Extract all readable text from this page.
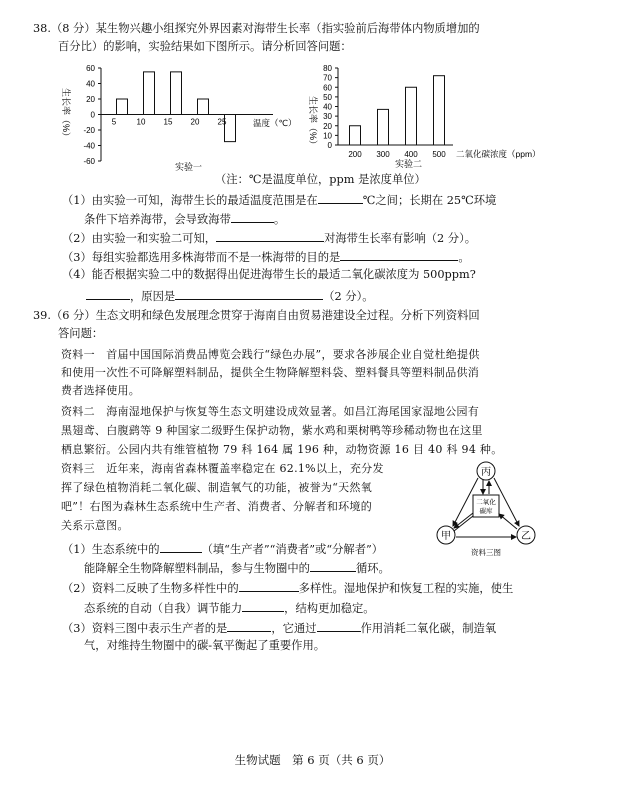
38.（8 分）某生物兴趣小组探究外界因素对海带生长率（指实验前后海带体内物质增加的
百分比）的影响，实验结果如下图所示。请分析回答问题：
生长率（%）
60
40
20
0
-20
-40
-60
5	10 15 20 25	温度（℃）
实验一
生长率（%）
80
70
60
50
40
30
20
10
0
200 300 400 500 二氧化碳浓度（ppm）
实验二
（注：℃是温度单位，ppm 是浓度单位）
（1）由实验一可知，海带生长的最适温度范围是在	℃之间；长期在 25℃环境
条件下培养海带，会导致海带	。
（2）由实验一和实验二可知，	对海带生长率有影响（2 分）。
（3）每组实验都选用多株海带而不是一株海带的目的是	。
（4）能否根据实验二中的数据得出促进海带生长的最适二氧化碳浓度为 500ppm?
，原因是	（2 分）。
39.（6 分）生态文明和绿色发展理念贯穿于海南自由贸易港建设全过程。分析下列资料回
答问题：
资料一　首届中国国际消费品博览会践行“绿色办展”，要求各涉展企业自觉杜绝提供
和使用一次性不可降解塑料制品，提供全生物降解塑料袋、塑料餐具等塑料制品供消
费者选择使用。
资料二　海南湿地保护与恢复等生态文明建设成效显著。如昌江海尾国家湿地公园有
黑翅鸢、白腹鹞等 9 种国家二级野生保护动物，紫水鸡和栗树鸭等珍稀动物也在这里
栖息繁衍。公园内共有维管植物 79 科 164 属 196 种，动物资源 16 目 40 科 94 种。
资料三　近年来，海南省森林覆盖率稳定在 62.1%以上，充分发
挥了绿色植物消耗二氧化碳、制造氧气的功能，被誉为“天然氧
吧”！右图为森林生态系统中生产者、消费者、分解者和环境的
关系示意图。
丙
甲	乙
二氧化
碳库
资料三图
（1）生态系统中的	（填“生产者”“消费者”或“分解者”）
能降解全生物降解塑料制品，参与生物圈中的	循环。
（2）资料二反映了生物多样性中的	多样性。湿地保护和恢复工程的实施，使生
态系统的自动（自我）调节能力	，结构更加稳定。
（3）资料三图中表示生产者的是	，它通过	作用消耗二氧化碳，制造氧
气，对维持生物圈中的碳-氧平衡起了重要作用。
生物试题　第 6 页（共 6 页）
